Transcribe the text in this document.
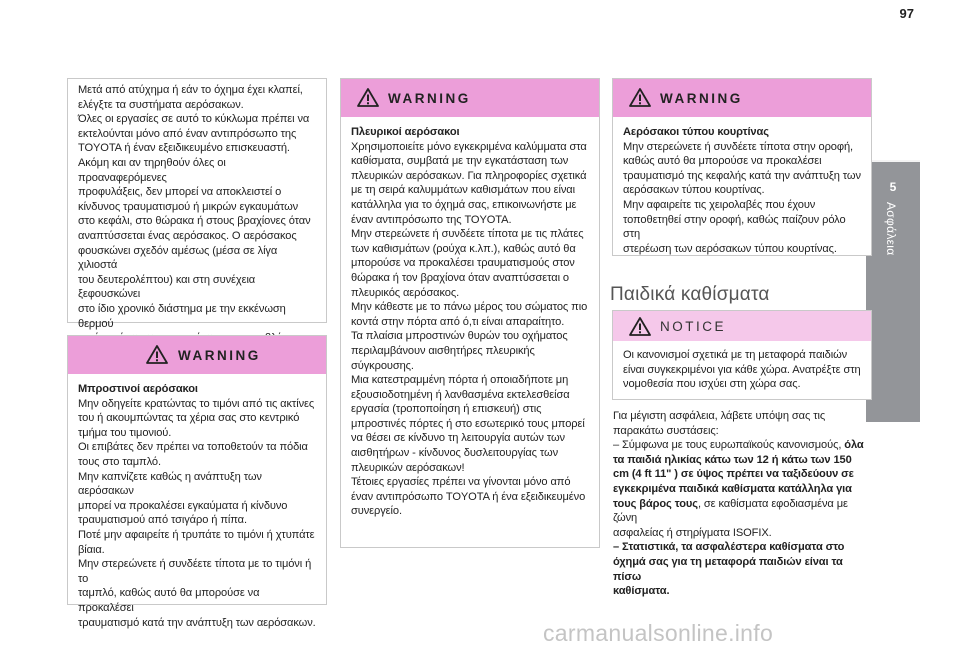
97
5
Ασφάλεια
Μετά από ατύχημα ή εάν το όχημα έχει κλαπεί,
ελέγξτε τα συστήματα αερόσακων.
Όλες οι εργασίες σε αυτό το κύκλωμα πρέπει να
εκτελούνται μόνο από έναν αντιπρόσωπο της
TOYOTA ή έναν εξειδικευμένο επισκευαστή.
Ακόμη και αν τηρηθούν όλες οι προαναφερόμενες
προφυλάξεις, δεν μπορεί να αποκλειστεί ο
κίνδυνος τραυματισμού ή μικρών εγκαυμάτων
στο κεφάλι, στο θώρακα ή στους βραχίονες όταν
αναπτύσσεται ένας αερόσακος. Ο αερόσακος
φουσκώνει σχεδόν αμέσως (μέσα σε λίγα χιλιοστά
του δευτερολέπτου) και στη συνέχεια ξεφουσκώνει
στο ίδιο χρονικό διάστημα με την εκκένωση θερμού
WARNING

Μπροστινοί αερόσακοι

Μην οδηγείτε κρατώντας το τιμόνι από τις ακτίνες
του ή ακουμπώντας τα χέρια σας στο κεντρικό
τμήμα του τιμονιού.
Οι επιβάτες δεν πρέπει να τοποθετούν τα πόδια
τους στο ταμπλό.
Μην καπνίζετε καθώς η ανάπτυξη των αερόσακων
μπορεί να προκαλέσει εγκαύματα ή κίνδυνο
τραυματισμού από τσιγάρο ή πίπα.
Ποτέ μην αφαιρείτε ή τρυπάτε το τιμόνι ή χτυπάτε
βίαια.
Μην στερεώνετε ή συνδέετε τίποτα με το τιμόνι ή το
ταμπλό, καθώς αυτό θα μπορούσε να προκαλέσει
τραυματισμό κατά την ανάπτυξη των αερόσακων.
WARNING

Πλευρικοί αερόσακοι

Χρησιμοποιείτε μόνο εγκεκριμένα καλύμματα στα
καθίσματα, συμβατά με την εγκατάσταση των
πλευρικών αερόσακων. Για πληροφορίες σχετικά
με τη σειρά καλυμμάτων καθισμάτων που είναι
κατάλληλα για το όχημά σας, επικοινωνήστε με
έναν αντιπρόσωπο της TOYOTA.
Μην στερεώνετε ή συνδέετε τίποτα με τις πλάτες
των καθισμάτων (ρούχα κ.λπ.), καθώς αυτό θα
μπορούσε να προκαλέσει τραυματισμούς στον
θώρακα ή τον βραχίονα όταν αναπτύσσεται ο
πλευρικός αερόσακος.
Μην κάθεστε με το πάνω μέρος του σώματος πιο
κοντά στην πόρτα από ό,τι είναι απαραίτητο.
Τα πλαίσια μπροστινών θυρών του οχήματος
περιλαμβάνουν αισθητήρες πλευρικής
σύγκρουσης.
Μια κατεστραμμένη πόρτα ή οποιαδήποτε μη
εξουσιοδοτημένη ή λανθασμένα εκτελεσθείσα
εργασία (τροποποίηση ή επισκευή) στις
μπροστινές πόρτες ή στο εσωτερικό τους μπορεί
να θέσει σε κίνδυνο τη λειτουργία αυτών των
αισθητήρων - κίνδυνος δυσλειτουργίας των
πλευρικών αερόσακων!
Τέτοιες εργασίες πρέπει να γίνονται μόνο από
έναν αντιπρόσωπο TOYOTA ή ένα εξειδικευμένο
συνεργείο.
WARNING

Αερόσακοι τύπου κουρτίνας

Μην στερεώνετε ή συνδέετε τίποτα στην οροφή,
καθώς αυτό θα μπορούσε να προκαλέσει
τραυματισμό της κεφαλής κατά την ανάπτυξη των
αερόσακων τύπου κουρτίνας.
Μην αφαιρείτε τις χειρολαβές που έχουν
τοποθετηθεί στην οροφή, καθώς παίζουν ρόλο στη
στερέωση των αερόσακων τύπου κουρτίνας.
Παιδικά καθίσματα
NOTICE
Οι κανονισμοί σχετικά με τη μεταφορά παιδιών
είναι συγκεκριμένοι για κάθε χώρα. Ανατρέξτε στη
νομοθεσία που ισχύει στη χώρα σας.
Για μέγιστη ασφάλεια, λάβετε υπόψη σας τις
παρακάτω συστάσεις:
– Σύμφωνα με τους ευρωπαϊκούς κανονισμούς, όλα
τα παιδιά ηλικίας κάτω των 12 ή κάτω των 150
cm (4 ft 11" ) σε ύψος πρέπει να ταξιδεύουν σε
εγκεκριμένα παιδικά καθίσματα κατάλληλα για
τους βάρος τους, σε καθίσματα εφοδιασμένα με ζώνη
ασφαλείας ή στηρίγματα ISOFIX.
– Στατιστικά, τα ασφαλέστερα καθίσματα στο
όχημά σας για τη μεταφορά παιδιών είναι τα πίσω
καθίσματα.
carmanualsonline.info
